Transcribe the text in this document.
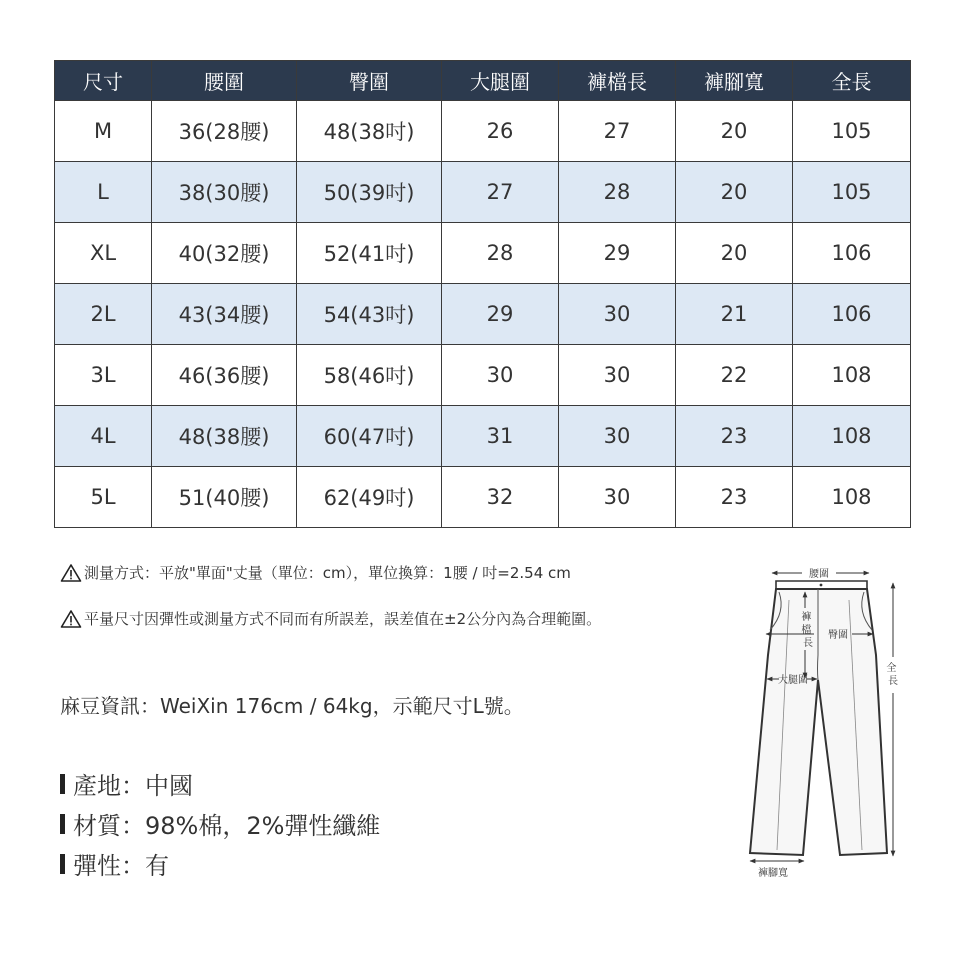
尺寸	腰圍	臀圍	大腿圍	褲檔長	褲腳寬	全長
M	36(28腰)	48(38吋)	26	27	20	105
L	38(30腰)	50(39吋)	27	28	20	105
XL	40(32腰)	52(41吋)	28	29	20	106
2L	43(34腰)	54(43吋)	29	30	21	106
3L	46(36腰)	58(46吋)	30	30	22	108
4L	48(38腰)	60(47吋)	31	30	23	108
5L	51(40腰)	62(49吋)	32	30	23	108
測量方式：平放"單面"丈量（單位：cm），單位換算：1腰 / 吋=2.54 cm
平量尺寸因彈性或測量方式不同而有所誤差，誤差值在±2公分內為合理範圍。
麻豆資訊：WeiXin 176cm / 64kg，示範尺寸L號。
產地：中國
材質：98%棉，2%彈性纖維
彈性：有
腰圍
褲 檔 長
臀圍
大腿圍
全 長
褲腳寬
